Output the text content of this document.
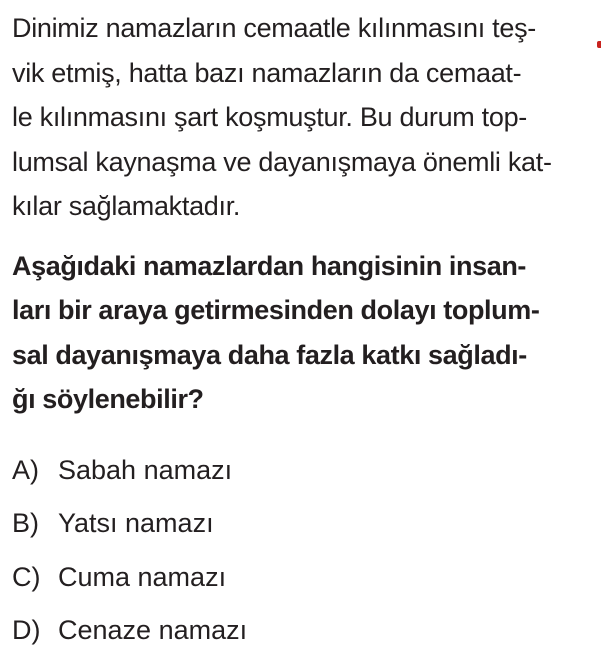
Dinimiz namazların cemaatle kılınmasını teş-
vik etmiş, hatta bazı namazların da cemaat-
le kılınmasını şart koşmuştur. Bu durum top-
lumsal kaynaşma ve dayanışmaya önemli kat-
kılar sağlamaktadır.
Aşağıdaki namazlardan hangisinin insan-
ları bir araya getirmesinden dolayı toplum-
sal dayanışmaya daha fazla katkı sağladı-
ğı söylenebilir?
A) Sabah namazı
B) Yatsı namazı
C) Cuma namazı
D) Cenaze namazı
